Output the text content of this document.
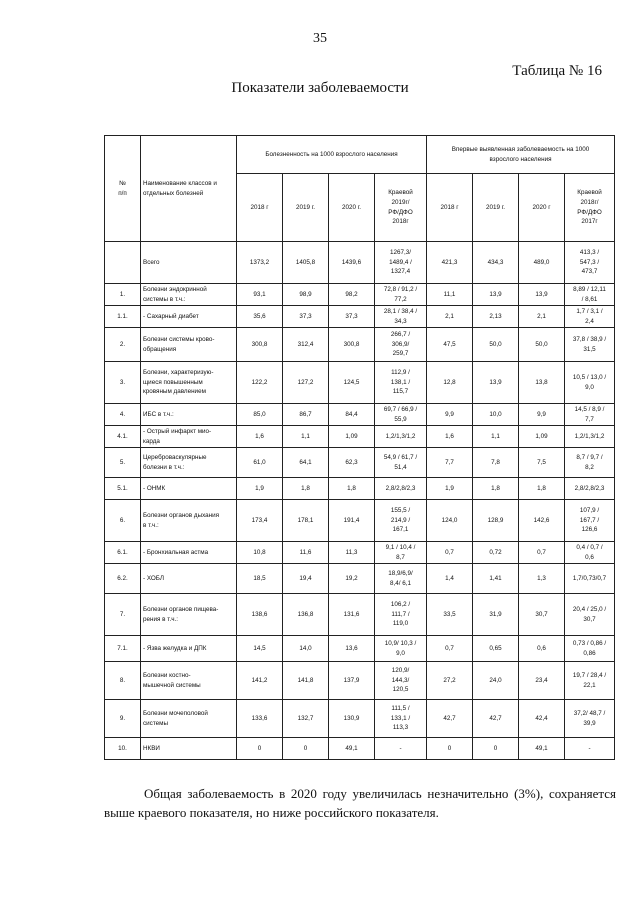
35
Таблица № 16
Показатели заболеваемости
№
п/п	Наименование классов и
отдельных болезней	Болезненность на 1000 взрослого населения				Впервые выявленная заболеваемость на 1000
взрослого населения			
		2018 г	2019 г.	2020 г.	Краевой
2019г/
РФ/ДФО
2018г	2018 г	2019 г.	2020 г	Краевой
2018г/
РФ/ДФО
2017г
	Всего	1373,2	1405,8	1439,6	1267,3/
1489,4 /
1327,4	421,3	434,3	489,0	413,3 /
547,3 /
473,7
1.	Болезни эндокринной
системы в т.ч.:	93,1	98,9	98,2	72,8 / 91,2 /
77,2	11,1	13,9	13,9	8,89 / 12,11
/ 8,61
1.1.	- Сахарный диабет	35,6	37,3	37,3	28,1 / 38,4 /
34,3	2,1	2,13	2,1	1,7 / 3,1 /
2,4
2.	Болезни системы крово-
обращения	300,8	312,4	300,8	266,7 /
306,9/
259,7	47,5	50,0	50,0	37,8 / 38,9 /
31,5
3.	Болезни, характеризую-
щиеся повышенным
кровяным давлением	122,2	127,2	124,5	112,9 /
138,1 /
115,7	12,8	13,9	13,8	10,5 / 13,0 /
9,0
4.	ИБС в т.ч.:	85,0	86,7	84,4	69,7 / 66,9 /
55,9	9,9	10,0	9,9	14,5 / 8,9 /
7,7
4.1.	- Острый инфаркт мио-
карда	1,6	1,1	1,09	1,2/1,3/1,2	1,6	1,1	1,09	1,2/1,3/1,2
5.	Цереброваскулярные
болезни в т.ч.:	61,0	64,1	62,3	54,9 / 61,7 /
51,4	7,7	7,8	7,5	8,7 / 9,7 /
8,2
5.1.	- ОНМК	1,9	1,8	1,8	2,8/2,8/2,3	1,9	1,8	1,8	2,8/2,8/2,3
6.	Болезни органов дыхания
в т.ч.:	173,4	178,1	191,4	155,5 /
214,9 /
167,1	124,0	128,9	142,6	107,9 /
167,7 /
126,6
6.1.	- Бронхиальная астма	10,8	11,6	11,3	9,1 / 10,4 /
8,7	0,7	0,72	0,7	0,4 / 0,7 /
0,6
6.2.	- ХОБЛ	18,5	19,4	19,2	18,9/6,9/
8,4/ 6,1	1,4	1,41	1,3	1,7/0,73/0,7
7.	Болезни органов пищева-
рения в т.ч.:	138,6	136,8	131,6	106,2 /
111,7 /
119,0	33,5	31,9	30,7	20,4 / 25,0 /
30,7
7.1.	- Язва желудка и ДПК	14,5	14,0	13,6	10,9/ 10,3 /
9,0	0,7	0,65	0,6	0,73 / 0,86 /
0,86
8.	Болезни костно-
мышечной системы	141,2	141,8	137,9	120,9/
144,3/
120,5	27,2	24,0	23,4	19,7 / 28,4 /
22,1
9.	Болезни мочеполовой
системы	133,6	132,7	130,9	111,5 /
133,1 /
113,3	42,7	42,7	42,4	37,2/ 48,7 /
39,9
10.	НКВИ	0	0	49,1	-	0	0	49,1	-

Общая заболеваемость в 2020 году увеличилась незначительно (3%), сохраняется выше краевого показателя, но ниже российского показателя.
